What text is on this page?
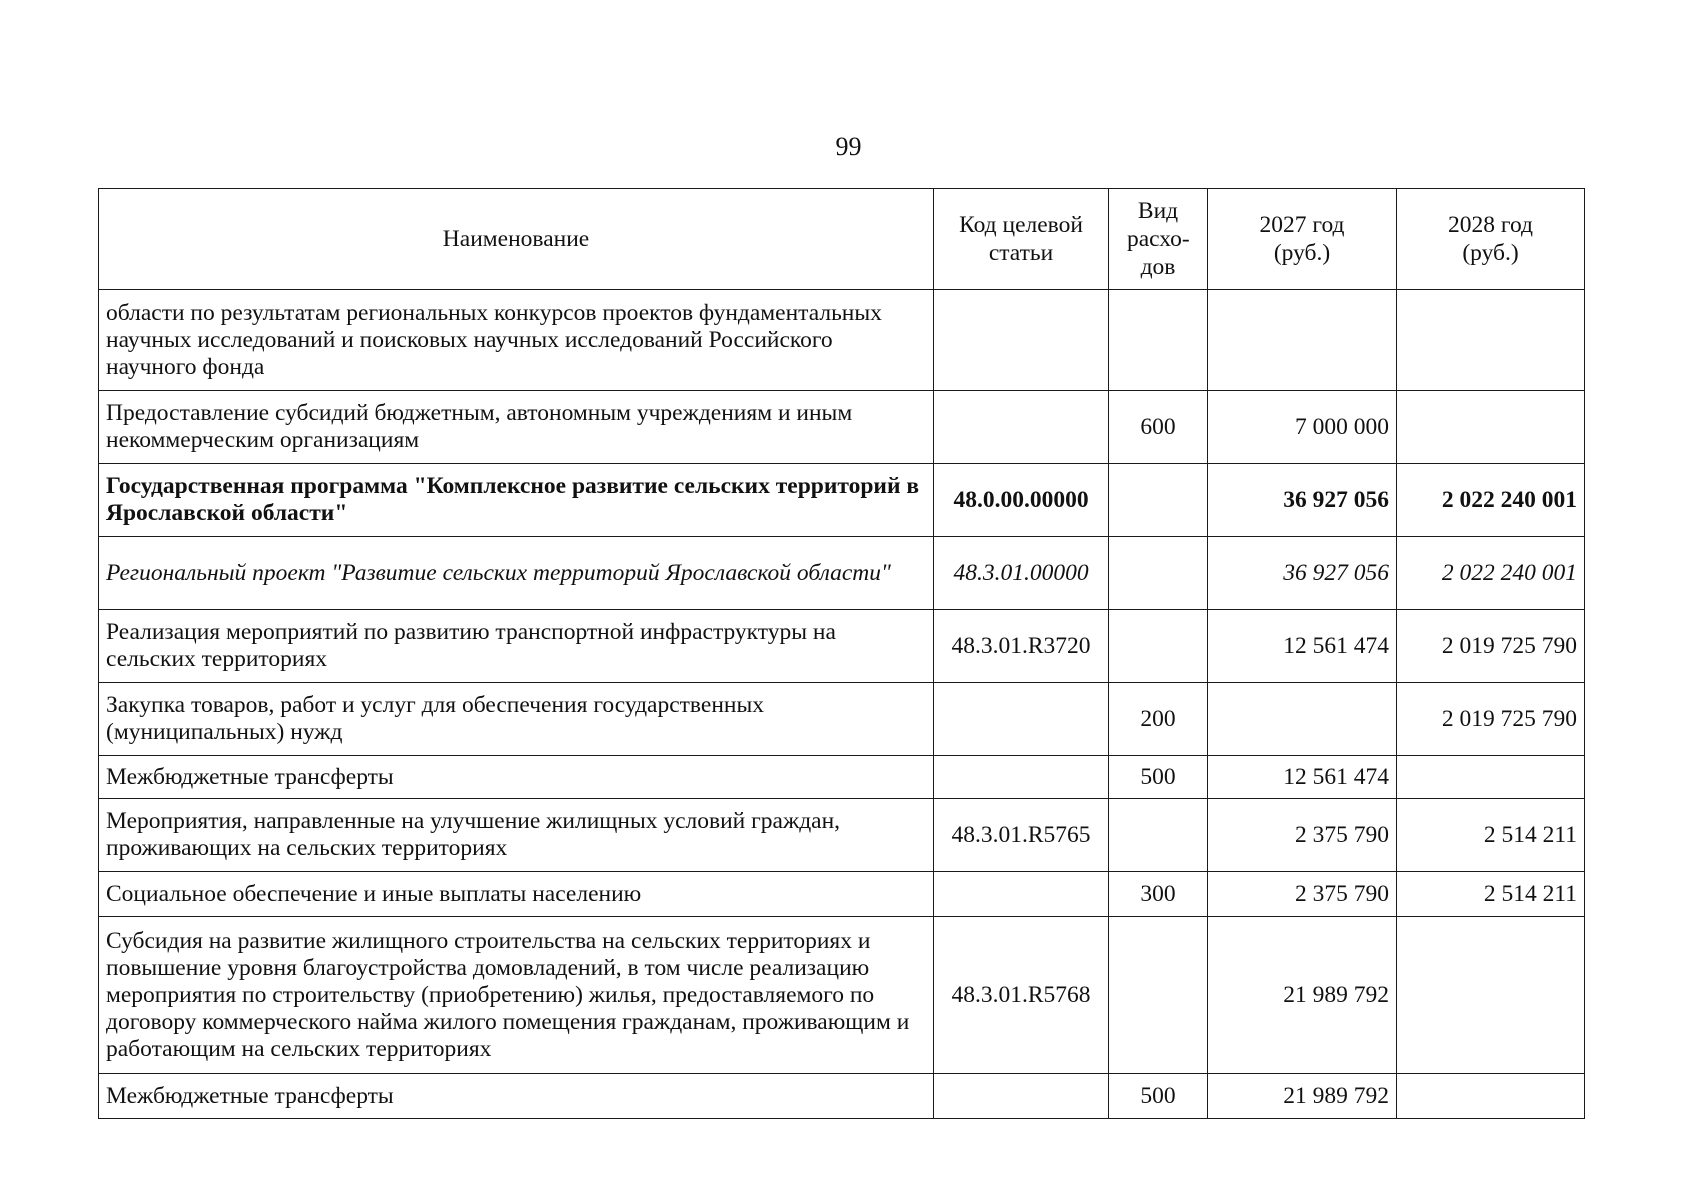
99
Наименование	Код целевой статьи	Вид расхо-дов	2027 год (руб.)	2028 год (руб.)
области по результатам региональных конкурсов проектов фундаментальных научных исследований и поисковых научных исследований Российского научного фонда				
Предоставление субсидий бюджетным, автономным учреждениям и иным некоммерческим организациям		600	7 000 000	
Государственная программа "Комплексное развитие сельских территорий в Ярославской области"	48.0.00.00000		36 927 056	2 022 240 001
Региональный проект "Развитие сельских территорий Ярославской области"	48.3.01.00000		36 927 056	2 022 240 001
Реализация мероприятий по развитию транспортной инфраструктуры на сельских территориях	48.3.01.R3720		12 561 474	2 019 725 790
Закупка товаров, работ и услуг для обеспечения государственных (муниципальных) нужд		200		2 019 725 790
Межбюджетные трансферты		500	12 561 474	
Мероприятия, направленные на улучшение жилищных условий граждан, проживающих на сельских территориях	48.3.01.R5765		2 375 790	2 514 211
Социальное обеспечение и иные выплаты населению		300	2 375 790	2 514 211
Субсидия на развитие жилищного строительства на сельских территориях и повышение уровня благоустройства домовладений, в том числе реализацию мероприятия по строительству (приобретению) жилья, предоставляемого по договору коммерческого найма жилого помещения гражданам, проживающим и работающим на сельских территориях	48.3.01.R5768		21 989 792	
Межбюджетные трансферты		500	21 989 792	
